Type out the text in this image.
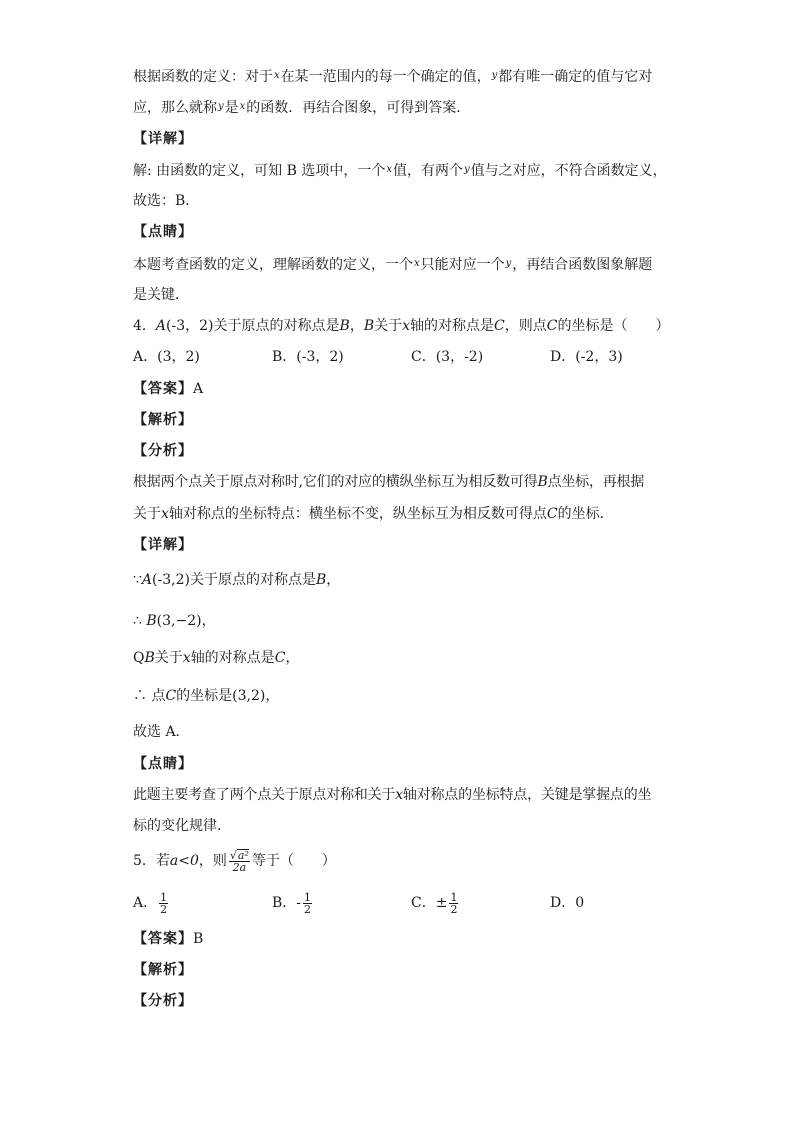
根据函数的定义：对于$^x$在某一范围内的每一个确定的值，$^y$都有唯一确定的值与它对
应，那么就称$^y$是$^x$的函数．再结合图象，可得到答案．
【详解】
解: 由函数的定义，可知 B 选项中，一个$^x$值，有两个$^y$值与之对应，不符合函数定义，
故选：B．
【点睛】
本题考查函数的定义，理解函数的定义，一个$^x$只能对应一个$^y$，再结合函数图象解题
是关键．
4．A(-3，2)关于原点的对称点是B，B关于x轴的对称点是C，则点C的坐标是（　　）
A．(3，2)	B．(-3，2)	C．(3，-2)	D．(-2，3)
【答案】A
【解析】
【分析】
根据两个点关于原点对称时,它们的对应的横纵坐标互为相反数可得B点坐标，再根据
关于x轴对称点的坐标特点：横坐标不变，纵坐标互为相反数可得点C的坐标．
【详解】
∵A(-3,2)关于原点的对称点是B，
∴ B(3,−2)，
QB关于x轴的对称点是C，
∴ 点C的坐标是(3,2)，
故选 A．
【点睛】
此题主要考查了两个点关于原点对称和关于x轴对称点的坐标特点，关键是掌握点的坐
标的变化规律．
5．若a<0，则 $\frac{\text{√a²}}{2a}$ 等于（　　）
A． $\frac{1}{2}$	B．- $\frac{1}{2}$	C．± $\frac{1}{2}$	D．0
【答案】B
【解析】
【分析】
